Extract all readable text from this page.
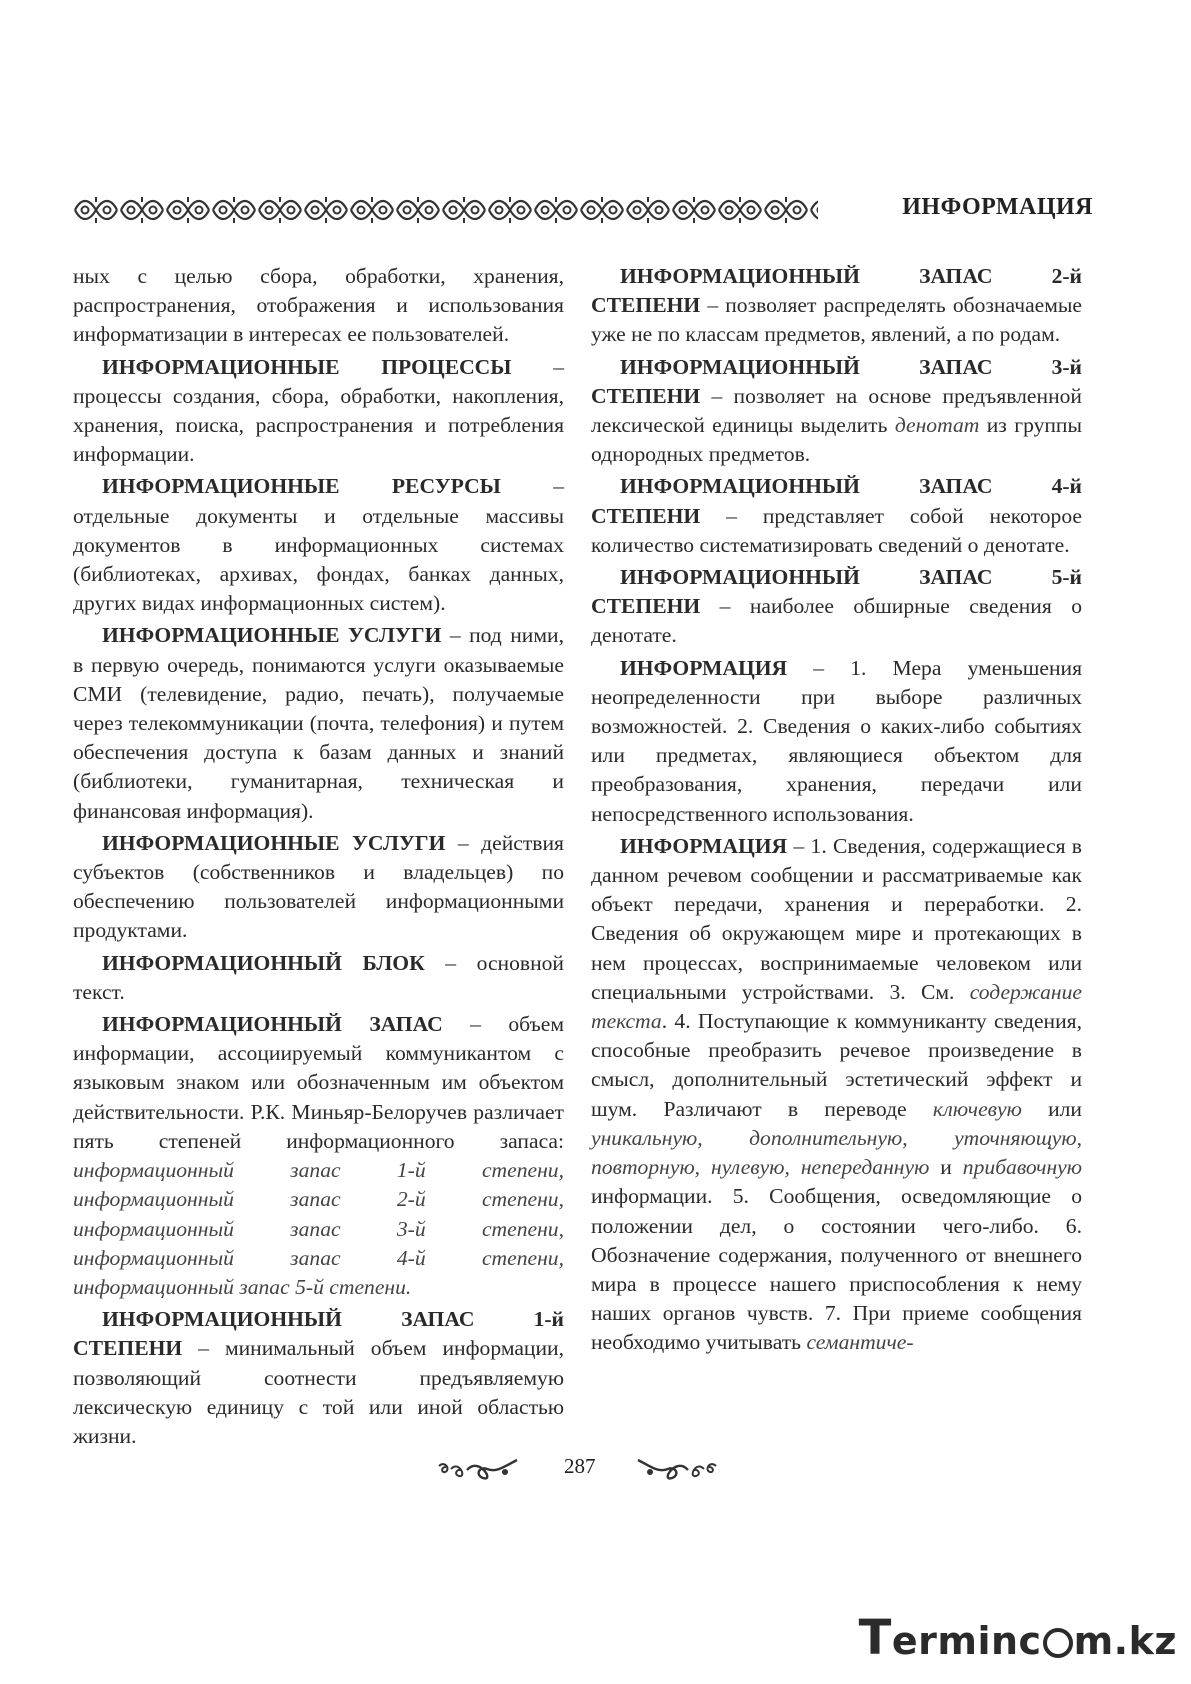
ИНФОРМАЦИЯ

ных с целью сбора, обработки, хранения, распространения, отображения и использования информатизации в интересах ее пользователей.

ИНФОРМАЦИОННЫЕ ПРОЦЕССЫ – процессы создания, сбора, обработки, накопления, хранения, поиска, распространения и потребления информации.

ИНФОРМАЦИОННЫЕ РЕСУРСЫ – отдельные документы и отдельные массивы документов в информационных системах (библиотеках, архивах, фондах, банках данных, других видах информационных систем).

ИНФОРМАЦИОННЫЕ УСЛУГИ – под ними, в первую очередь, понимаются услуги оказываемые СМИ (телевидение, радио, печать), получаемые через телекоммуникации (почта, телефония) и путем обеспечения доступа к базам данных и знаний (библиотеки, гуманитарная, техническая и финансовая информация).

ИНФОРМАЦИОННЫЕ УСЛУГИ – действия субъектов (собственников и владельцев) по обеспечению пользователей информационными продуктами.

ИНФОРМАЦИОННЫЙ БЛОК – основной текст.

ИНФОРМАЦИОННЫЙ ЗАПАС – объем информации, ассоциируемый коммуникантом с языковым знаком или обозначенным им объектом действительности. Р.К. Миньяр-Белоручев различает пять степеней информационного запаса: информационный запас 1-й степени, информационный запас 2-й степени, информационный запас 3-й степени, информационный запас 4-й степени, информационный запас 5-й степени.

ИНФОРМАЦИОННЫЙ ЗАПАС 1-й СТЕПЕНИ – минимальный объем информации, позволяющий соотнести предъявляемую лексическую единицу с той или иной областью жизни.

ИНФОРМАЦИОННЫЙ ЗАПАС 2-й СТЕПЕНИ – позволяет распределять обозначаемые уже не по классам предметов, явлений, а по родам.

ИНФОРМАЦИОННЫЙ ЗАПАС 3-й СТЕПЕНИ – позволяет на основе предъявленной лексической единицы выделить денотат из группы однородных предметов.

ИНФОРМАЦИОННЫЙ ЗАПАС 4-й СТЕПЕНИ – представляет собой некоторое количество систематизировать сведений о денотате.

ИНФОРМАЦИОННЫЙ ЗАПАС 5-й СТЕПЕНИ – наиболее обширные сведения о денотате.

ИНФОРМАЦИЯ – 1. Мера уменьшения неопределенности при выборе различных возможностей. 2. Сведения о каких-либо событиях или предметах, являющиеся объектом для преобразования, хранения, передачи или непосредственного использования.

ИНФОРМАЦИЯ – 1. Сведения, содержащиеся в данном речевом сообщении и рассматриваемые как объект передачи, хранения и переработки. 2. Сведения об окружающем мире и протекающих в нем процессах, воспринимаемые человеком или специальными устройствами. 3. См. содержание текста. 4. Поступающие к коммуниканту сведения, способные преобразить речевое произведение в смысл, дополнительный эстетический эффект и шум. Различают в переводе ключевую или уникальную, дополнительную, уточняющую, повторную, нулевую, непереданную и прибавочную информации. 5. Сообщения, осведомляющие о положении дел, о состоянии чего-либо. 6. Обозначение содержания, полученного от внешнего мира в процессе нашего приспособления к нему наших органов чувств. 7. При приеме сообщения необходимо учитывать семантиче-

287
Terminc m.kz
